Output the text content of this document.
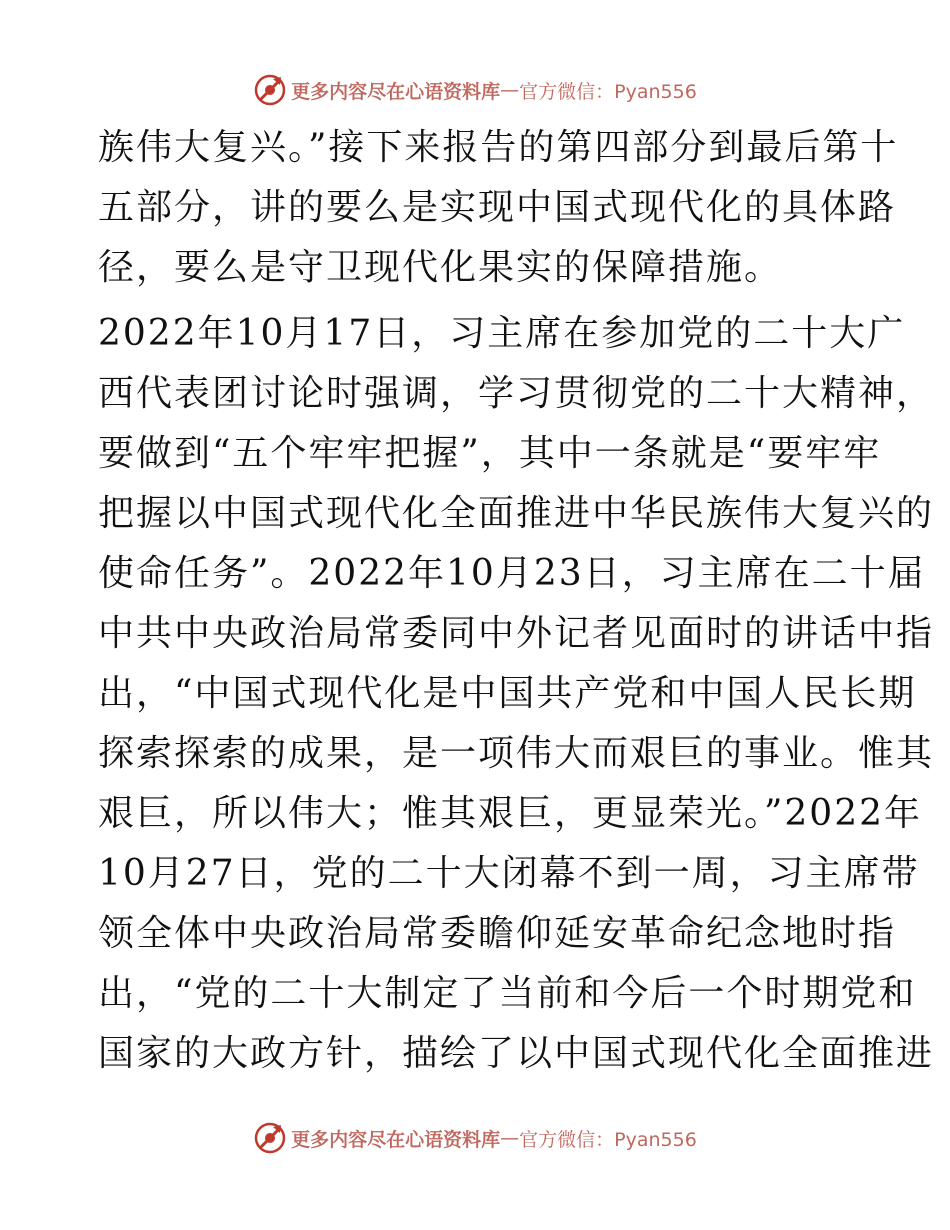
更多内容尽在心语资料库 — 官方微信：Pyan556

族伟大复兴。”接下来报告的第四部分到最后第十
五部分，讲的要么是实现中国式现代化的具体路
径，要么是守卫现代化果实的保障措施。

2022年10月17日，习主席在参加党的二十大广
西代表团讨论时强调，学习贯彻党的二十大精神，
要做到“五个牢牢把握”，其中一条就是“要牢牢
把握以中国式现代化全面推进中华民族伟大复兴的
使命任务”。2022年10月23日，习主席在二十届
中共中央政治局常委同中外记者见面时的讲话中指
出，“中国式现代化是中国共产党和中国人民长期
探索探索的成果，是一项伟大而艰巨的事业。惟其
艰巨，所以伟大；惟其艰巨，更显荣光。”2022年
10月27日，党的二十大闭幕不到一周，习主席带
领全体中央政治局常委瞻仰延安革命纪念地时指
出，“党的二十大制定了当前和今后一个时期党和
国家的大政方针，描绘了以中国式现代化全面推进

更多内容尽在心语资料库 — 官方微信：Pyan556
